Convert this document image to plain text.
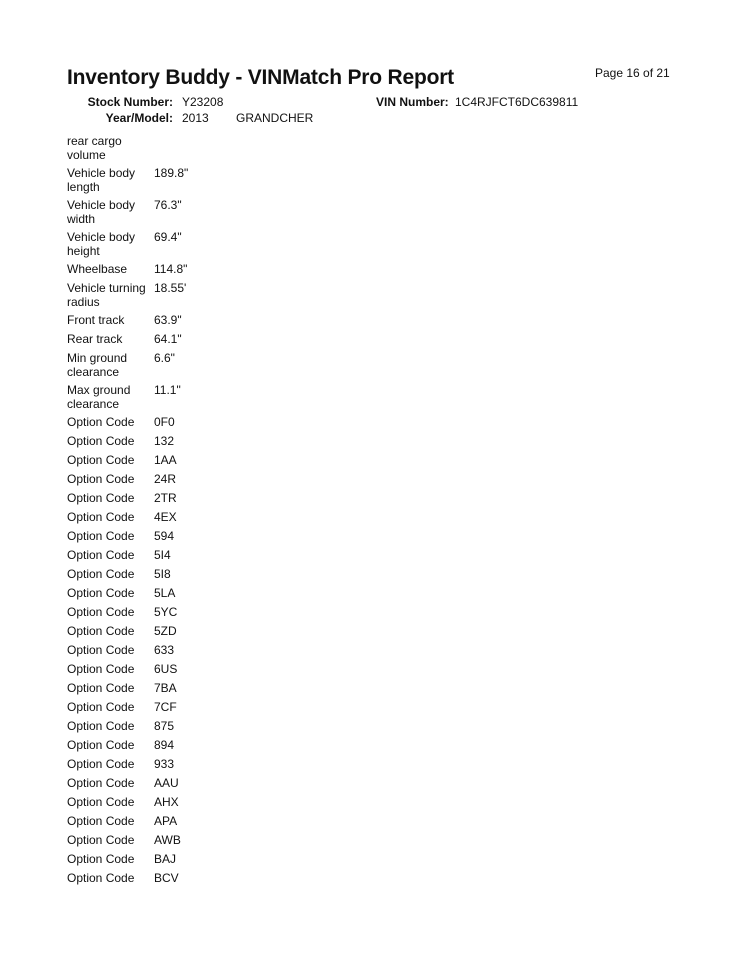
Inventory Buddy - VINMatch Pro Report	Page 16 of 21
Stock Number: Y23208	VIN Number: 1C4RJFCT6DC639811
Year/Model: 2013 GRANDCHER
rear cargo
volume	

Vehicle body
length	189.8"

Vehicle body
width	76.3"

Vehicle body
height	69.4"

Wheelbase	114.8"

Vehicle turning
radius	18.55'

Front track	63.9"

Rear track	64.1"

Min ground
clearance	6.6"

Max ground
clearance	11.1"

Option Code	0F0

Option Code	132

Option Code	1AA

Option Code	24R

Option Code	2TR

Option Code	4EX

Option Code	594

Option Code	5I4

Option Code	5I8

Option Code	5LA

Option Code	5YC

Option Code	5ZD

Option Code	633

Option Code	6US

Option Code	7BA

Option Code	7CF

Option Code	875

Option Code	894

Option Code	933

Option Code	AAU

Option Code	AHX

Option Code	APA

Option Code	AWB

Option Code	BAJ

Option Code	BCV
